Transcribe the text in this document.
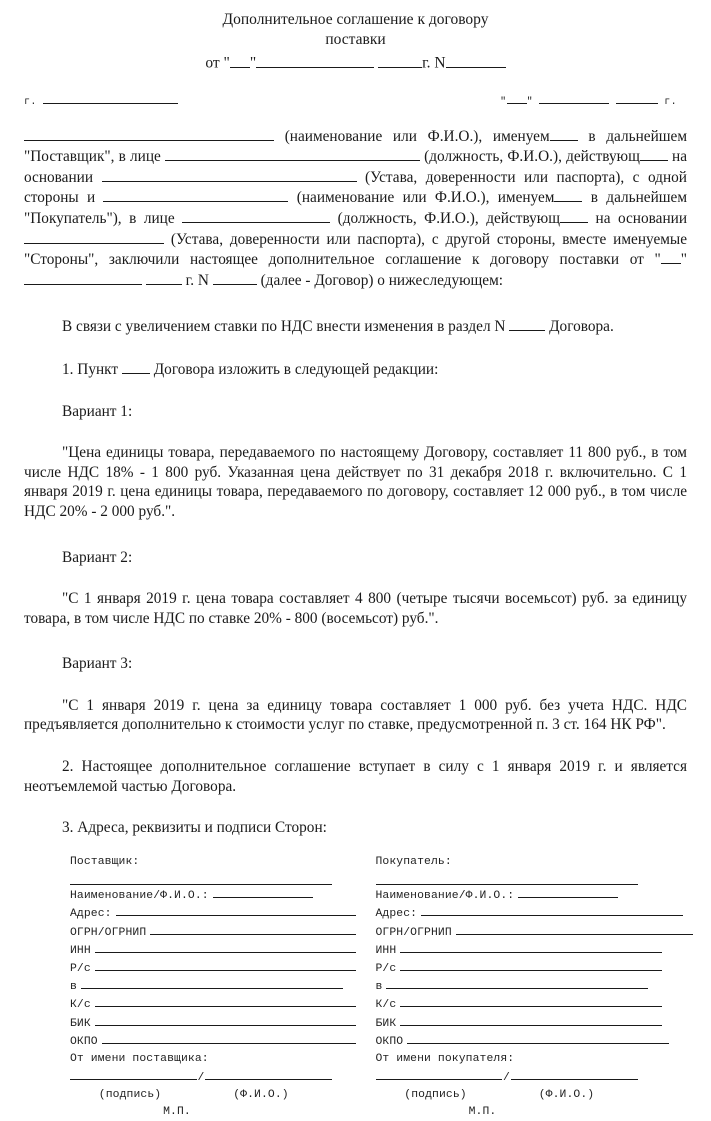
Дополнительное соглашение к договору
поставки
от " "	г. N
г.	" "	г.
(наименование или Ф.И.О.), именуем	в дальнейшем "Поставщик", в лице	(должность, Ф.И.О.), действующ на основании	(Устава, доверенности или паспорта), с одной стороны и	(наименование или Ф.И.О.), именуем в дальнейшем "Покупатель"), в лице	(должность, Ф.И.О.), действующ на основании  (Устава, доверенности или паспорта), с другой стороны, вместе именуемые "Стороны", заключили настоящее дополнительное соглашение к договору поставки от " "  г. N	(далее - Договор) о нижеследующем:

В связи с увеличением ставки по НДС внести изменения в раздел N	Договора.

1. Пункт Договора изложить в следующей редакции:

Вариант 1:

"Цена единицы товара, передаваемого по настоящему Договору, составляет 11 800 руб., в том числе НДС 18% - 1 800 руб. Указанная цена действует по 31 декабря 2018 г. включительно. С 1 января 2019 г. цена единицы товара, передаваемого по договору, составляет 12 000 руб., в том числе НДС 20% - 2 000 руб.".

Вариант 2:

"С 1 января 2019 г. цена товара составляет 4 800 (четыре тысячи восемьсот) руб. за единицу товара, в том числе НДС по ставке 20% - 800 (восемьсот) руб.".

Вариант 3:

"С 1 января 2019 г. цена за единицу товара составляет 1 000 руб. без учета НДС. НДС предъявляется дополнительно к стоимости услуг по ставке, предусмотренной п. 3 ст. 164 НК РФ".

2. Настоящее дополнительное соглашение вступает в силу с 1 января 2019 г. и является неотъемлемой частью Договора.

3. Адреса, реквизиты и подписи Сторон:

Поставщик:
Наименование/Ф.И.О.:
Адрес:
ОГРН/ОГРНИП
ИНН
Р/с
в
К/с
БИК
ОКПО
От имени поставщика:
/
(подпись)	(Ф.И.О.)
М.П.
Покупатель:
Наименование/Ф.И.О.:
Адрес:
ОГРН/ОГРНИП
ИНН
Р/с
в
К/с
БИК
ОКПО
От имени покупателя:
/
(подпись)	(Ф.И.О.)
М.П.
